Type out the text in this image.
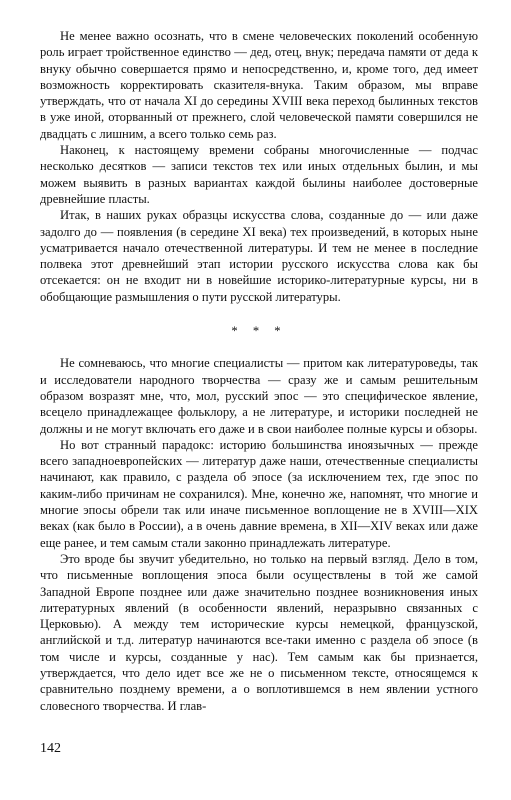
Не менее важно осознать, что в смене человеческих поколений особенную роль играет тройственное единство — дед, отец, внук; передача памяти от деда к внуку обычно совершается прямо и непосредственно, и, кроме того, дед имеет возможность корректировать сказителя-внука. Таким образом, мы вправе утверждать, что от начала XI до середины XVIII века переход былинных текстов в уже иной, оторванный от прежнего, слой человеческой памяти совершился не двадцать с лишним, а всего только семь раз.

Наконец, к настоящему времени собраны многочисленные — подчас несколько десятков — записи текстов тех или иных отдельных былин, и мы можем выявить в разных вариантах каждой былины наиболее достоверные древнейшие пласты.

Итак, в наших руках образцы искусства слова, созданные до — или даже задолго до — появления (в середине XI века) тех произведений, в которых ныне усматривается начало отечественной литературы. И тем не менее в последние полвека этот древнейший этап истории русского искусства слова как бы отсекается: он не входит ни в новейшие историко-литературные курсы, ни в обобщающие размышления о пути русской литературы.

* * *

Не сомневаюсь, что многие специалисты — притом как литературоведы, так и исследователи народного творчества — сразу же и самым решительным образом возразят мне, что, мол, русский эпос — это специфическое явление, всецело принадлежащее фольклору, а не литературе, и историки последней не должны и не могут включать его даже и в свои наиболее полные курсы и обзоры.

Но вот странный парадокс: историю большинства иноязычных — прежде всего западноевропейских — литератур даже наши, отечественные специалисты начинают, как правило, с раздела об эпосе (за исключением тех, где эпос по каким-либо причинам не сохранился). Мне, конечно же, напомнят, что многие и многие эпосы обрели так или иначе письменное воплощение не в XVIII—XIX веках (как было в России), а в очень давние времена, в XII—XIV веках или даже еще ранее, и тем самым стали законно принадлежать литературе.

Это вроде бы звучит убедительно, но только на первый взгляд. Дело в том, что письменные воплощения эпоса были осуществлены в той же самой Западной Европе позднее или даже значительно позднее возникновения иных литературных явлений (в особенности явлений, неразрывно связанных с Церковью). А между тем исторические курсы немецкой, французской, английской и т.д. литератур начинаются все-таки именно с раздела об эпосе (в том числе и курсы, созданные у нас). Тем самым как бы признается, утверждается, что дело идет все же не о письменном тексте, относящемся к сравнительно позднему времени, а о воплотившемся в нем явлении устного словесного творчества. И глав-

142
